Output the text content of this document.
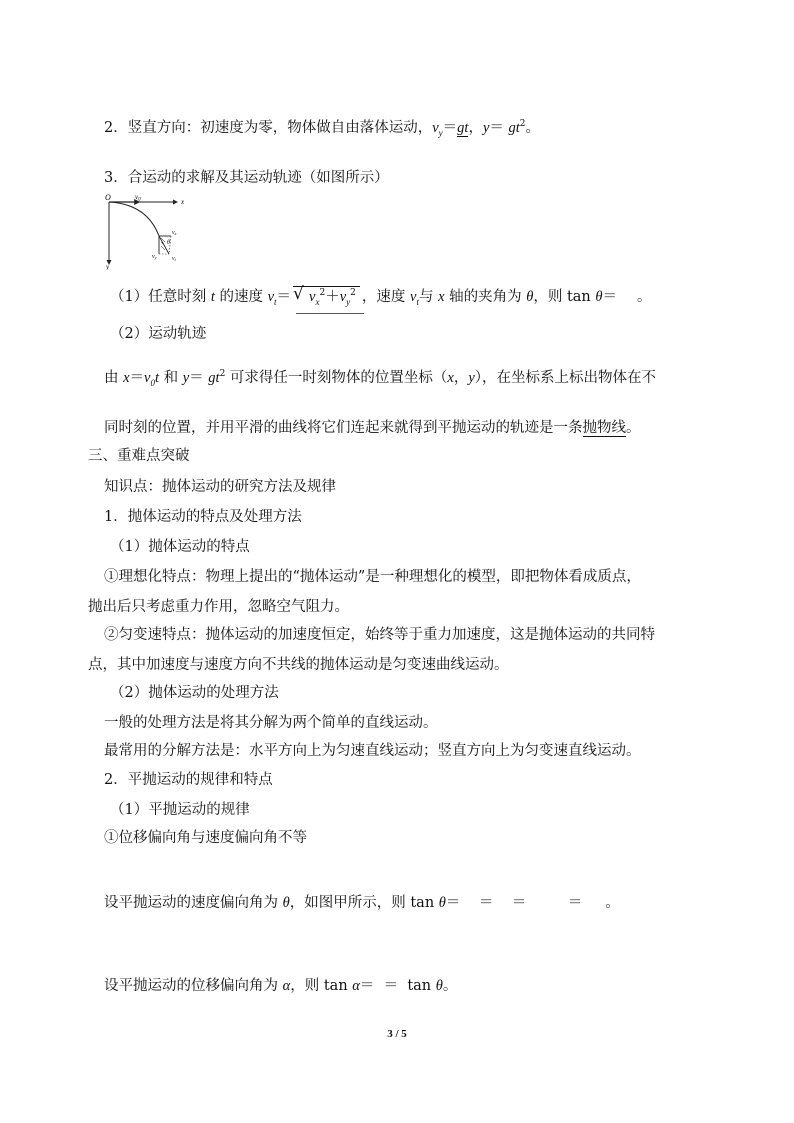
2．竖直方向：初速度为零，物体做自由落体运动，$v_y=gt$，$y= gt^2$。
3．合运动的求解及其运动轨迹（如图所示）
O	$v_0$	x
y
vx
vy	vt
θ
（1）任意时刻 t 的速度 $v_t=$ √ $v_x^2+v_y^2$ ，速度 $v_t$与 x 轴的夹角为 θ，则 tan θ＝ 。
（2）运动轨迹
由 $x=v_0t$ 和 $y= gt^2$ 可求得任一时刻物体的位置坐标（x，y），在坐标系上标出物体在不
同时刻的位置，并用平滑的曲线将它们连起来就得到平抛运动的轨迹是一条抛物线。
三、重难点突破
知识点：抛体运动的研究方法及规律
1．抛体运动的特点及处理方法
（1）抛体运动的特点
①理想化特点：物理上提出的“抛体运动”是一种理想化的模型，即把物体看成质点，
抛出后只考虑重力作用，忽略空气阻力。
②匀变速特点：抛体运动的加速度恒定，始终等于重力加速度，这是抛体运动的共同特
点，其中加速度与速度方向不共线的抛体运动是匀变速曲线运动。
（2）抛体运动的处理方法
一般的处理方法是将其分解为两个简单的直线运动。
最常用的分解方法是：水平方向上为匀速直线运动；竖直方向上为匀变速直线运动。
2．平抛运动的规律和特点
（1）平抛运动的规律
①位移偏向角与速度偏向角不等
设平抛运动的速度偏向角为 θ，如图甲所示，则 tan θ＝    ＝    ＝         ＝     。
设平抛运动的位移偏向角为 α，则 tan α＝  ＝  tan θ。
3 / 5
